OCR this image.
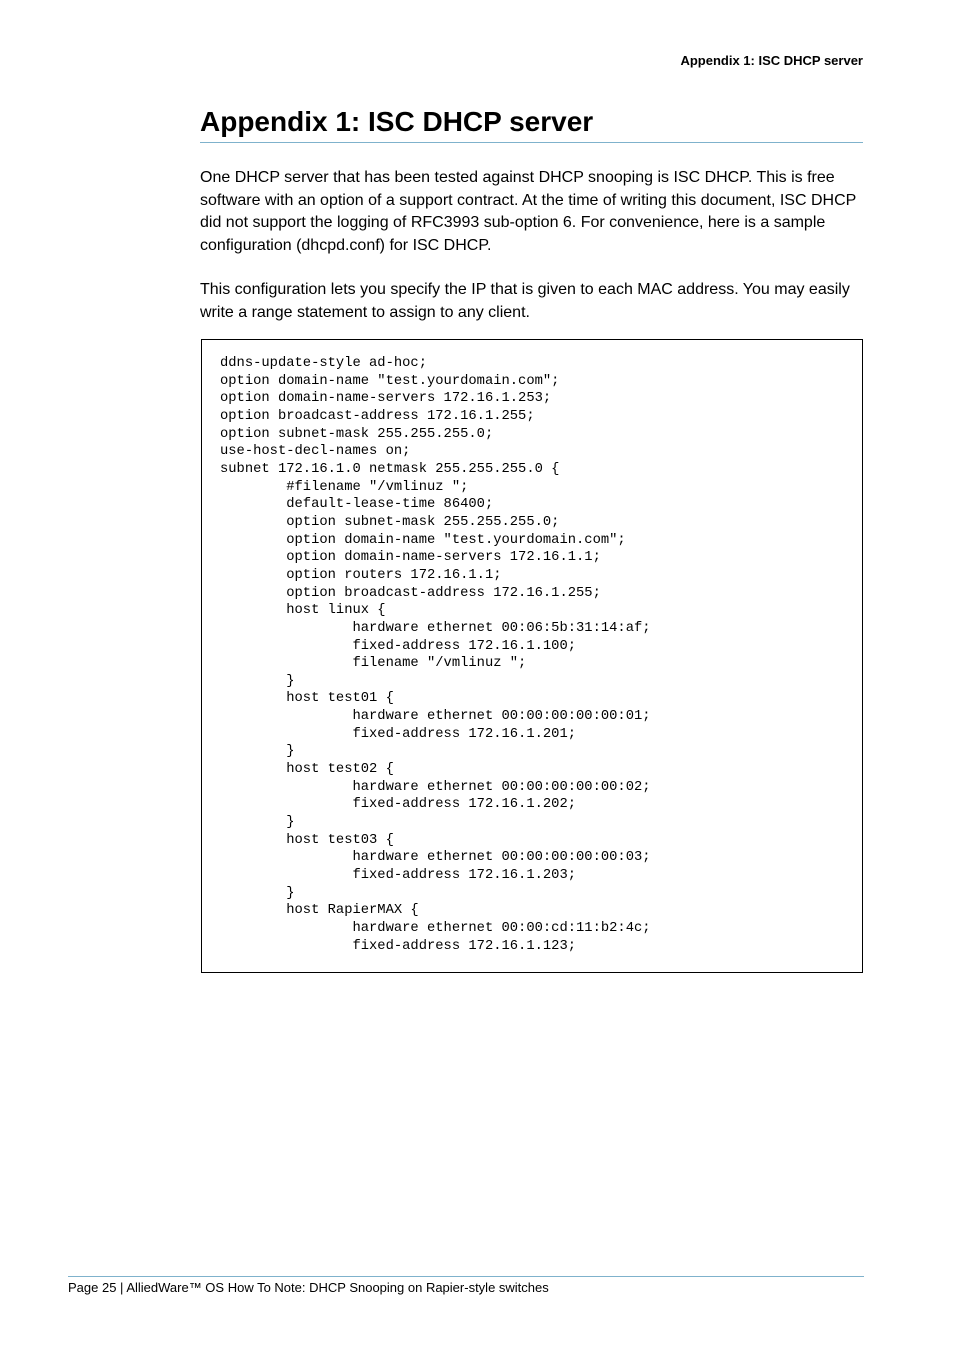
Appendix 1: ISC DHCP server
Appendix 1: ISC DHCP server

One DHCP server that has been tested against DHCP snooping is ISC DHCP. This is free software with an option of a support contract. At the time of writing this document, ISC DHCP did not support the logging of RFC3993 sub-option 6. For convenience, here is a sample configuration (dhcpd.conf) for ISC DHCP.

This configuration lets you specify the IP that is given to each MAC address. You may easily write a range statement to assign to any client.

ddns-update-style ad-hoc;
option domain-name "test.yourdomain.com";
option domain-name-servers 172.16.1.253;
option broadcast-address 172.16.1.255;
option subnet-mask 255.255.255.0;
use-host-decl-names on;
subnet 172.16.1.0 netmask 255.255.255.0 {
#filename "/vmlinuz ";
default-lease-time 86400;
option subnet-mask 255.255.255.0;
option domain-name "test.yourdomain.com";
option domain-name-servers 172.16.1.1;
option routers 172.16.1.1;
option broadcast-address 172.16.1.255;
host linux {
hardware ethernet 00:06:5b:31:14:af;
fixed-address 172.16.1.100;
filename "/vmlinuz ";
}
host test01 {
hardware ethernet 00:00:00:00:00:01;
fixed-address 172.16.1.201;
}
host test02 {
hardware ethernet 00:00:00:00:00:02;
fixed-address 172.16.1.202;
}
host test03 {
hardware ethernet 00:00:00:00:00:03;
fixed-address 172.16.1.203;
}
host RapierMAX {
hardware ethernet 00:00:cd:11:b2:4c;
fixed-address 172.16.1.123;
Page 25 | AlliedWare™ OS How To Note: DHCP Snooping on Rapier-style switches
